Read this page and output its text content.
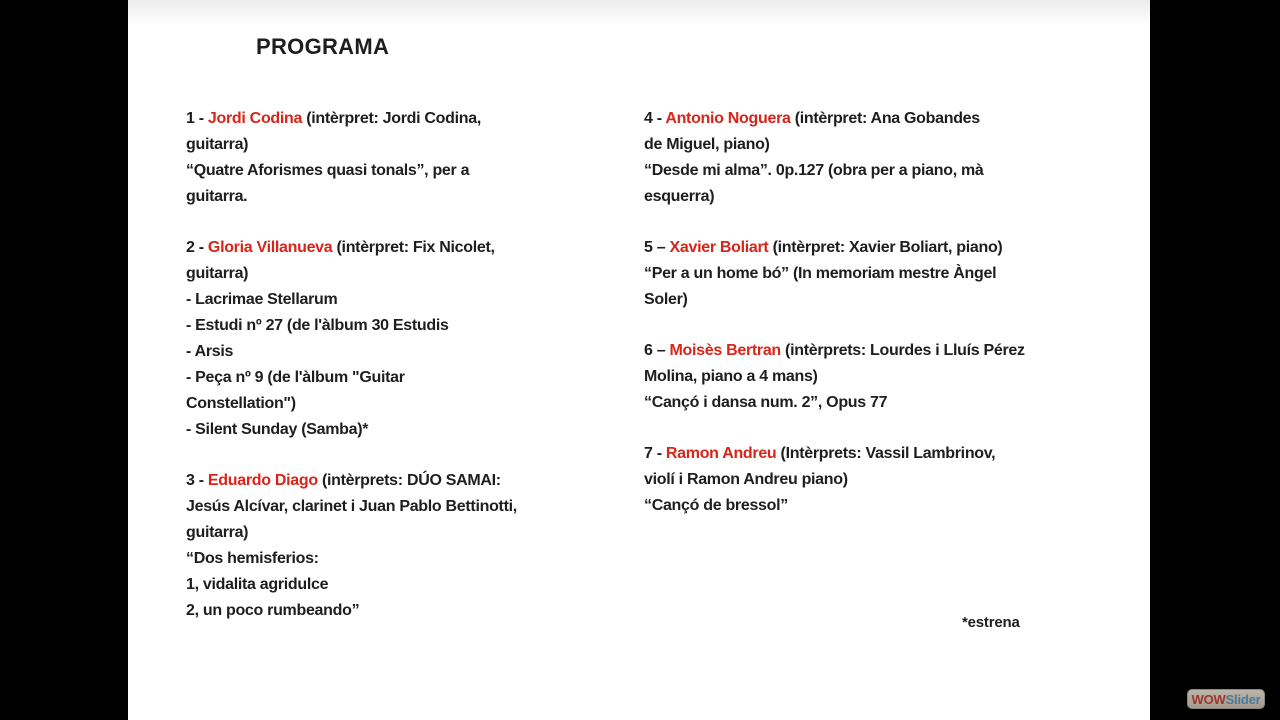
PROGRAMA
1 - Jordi Codina (intèrpret: Jordi Codina,
guitarra)
“Quatre Aforismes quasi tonals”, per a
guitarra.
2 - Gloria Villanueva (intèrpret: Fix Nicolet,
guitarra)
- Lacrimae Stellarum
- Estudi nº 27 (de l'àlbum 30 Estudis
- Arsis
- Peça nº 9 (de l'àlbum "Guitar
Constellation")
- Silent Sunday (Samba)*
3 - Eduardo Diago (intèrprets: DÚO SAMAI:
Jesús Alcívar, clarinet i Juan Pablo Bettinotti,
guitarra)
“Dos hemisferios:
1, vidalita agridulce
2, un poco rumbeando”
4 - Antonio Noguera (intèrpret: Ana Gobandes
de Miguel, piano)
“Desde mi alma”. 0p.127 (obra per a piano, mà
esquerra)
5 – Xavier Boliart (intèrpret: Xavier Boliart, piano)
“Per a un home bó” (In memoriam mestre Àngel
Soler)
6 – Moisès Bertran (intèrprets: Lourdes i Lluís Pérez
Molina, piano a 4 mans)
“Cançó i dansa num. 2”, Opus 77
7 - Ramon Andreu (Intèrprets: Vassil Lambrinov,
violí i Ramon Andreu piano)
“Cançó de bressol”
*estrena
WOW Slider
